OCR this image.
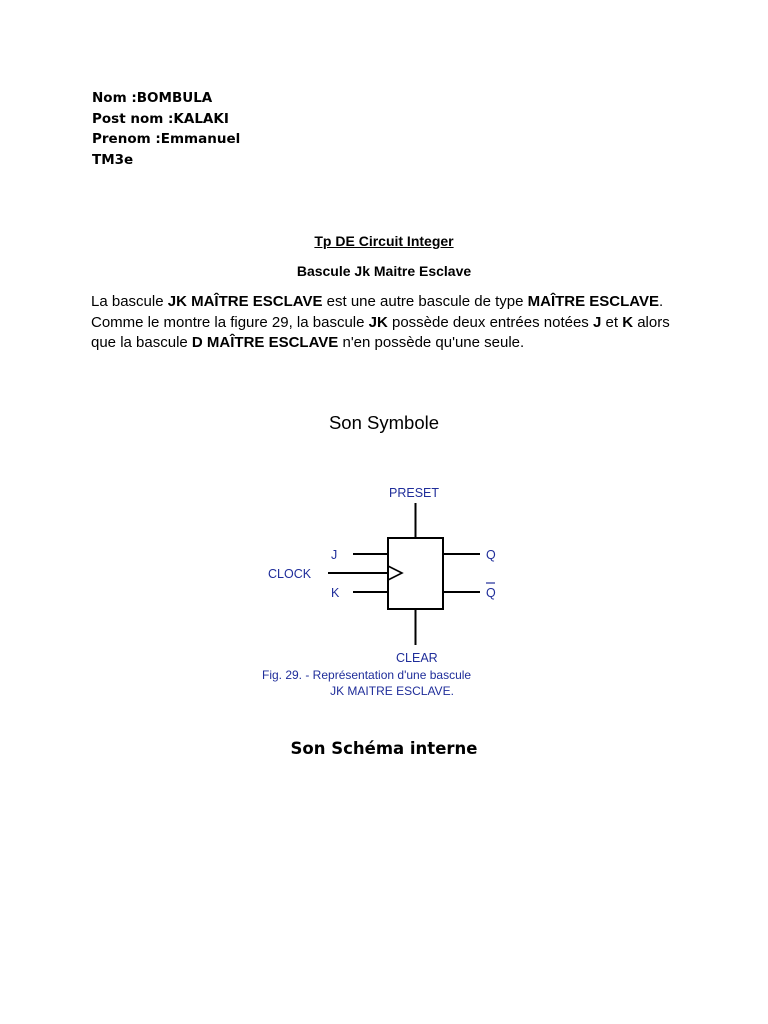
Nom :BOMBULA
Post nom :KALAKI
Prenom :Emmanuel
TM3e
Tp DE Circuit Integer
Bascule Jk Maitre Esclave
La bascule JK MAÎTRE ESCLAVE est une autre bascule de type MAÎTRE ESCLAVE. Comme le montre la figure 29, la bascule JK possède deux entrées notées J et K alors que la bascule D MAÎTRE ESCLAVE n'en possède qu'une seule.
Son Symbole
PRESET
CLEAR
J
K
CLOCK
Q
Q
Fig. 29. - Représentation d'une bascule
JK MAITRE ESCLAVE.
Son Schéma interne
